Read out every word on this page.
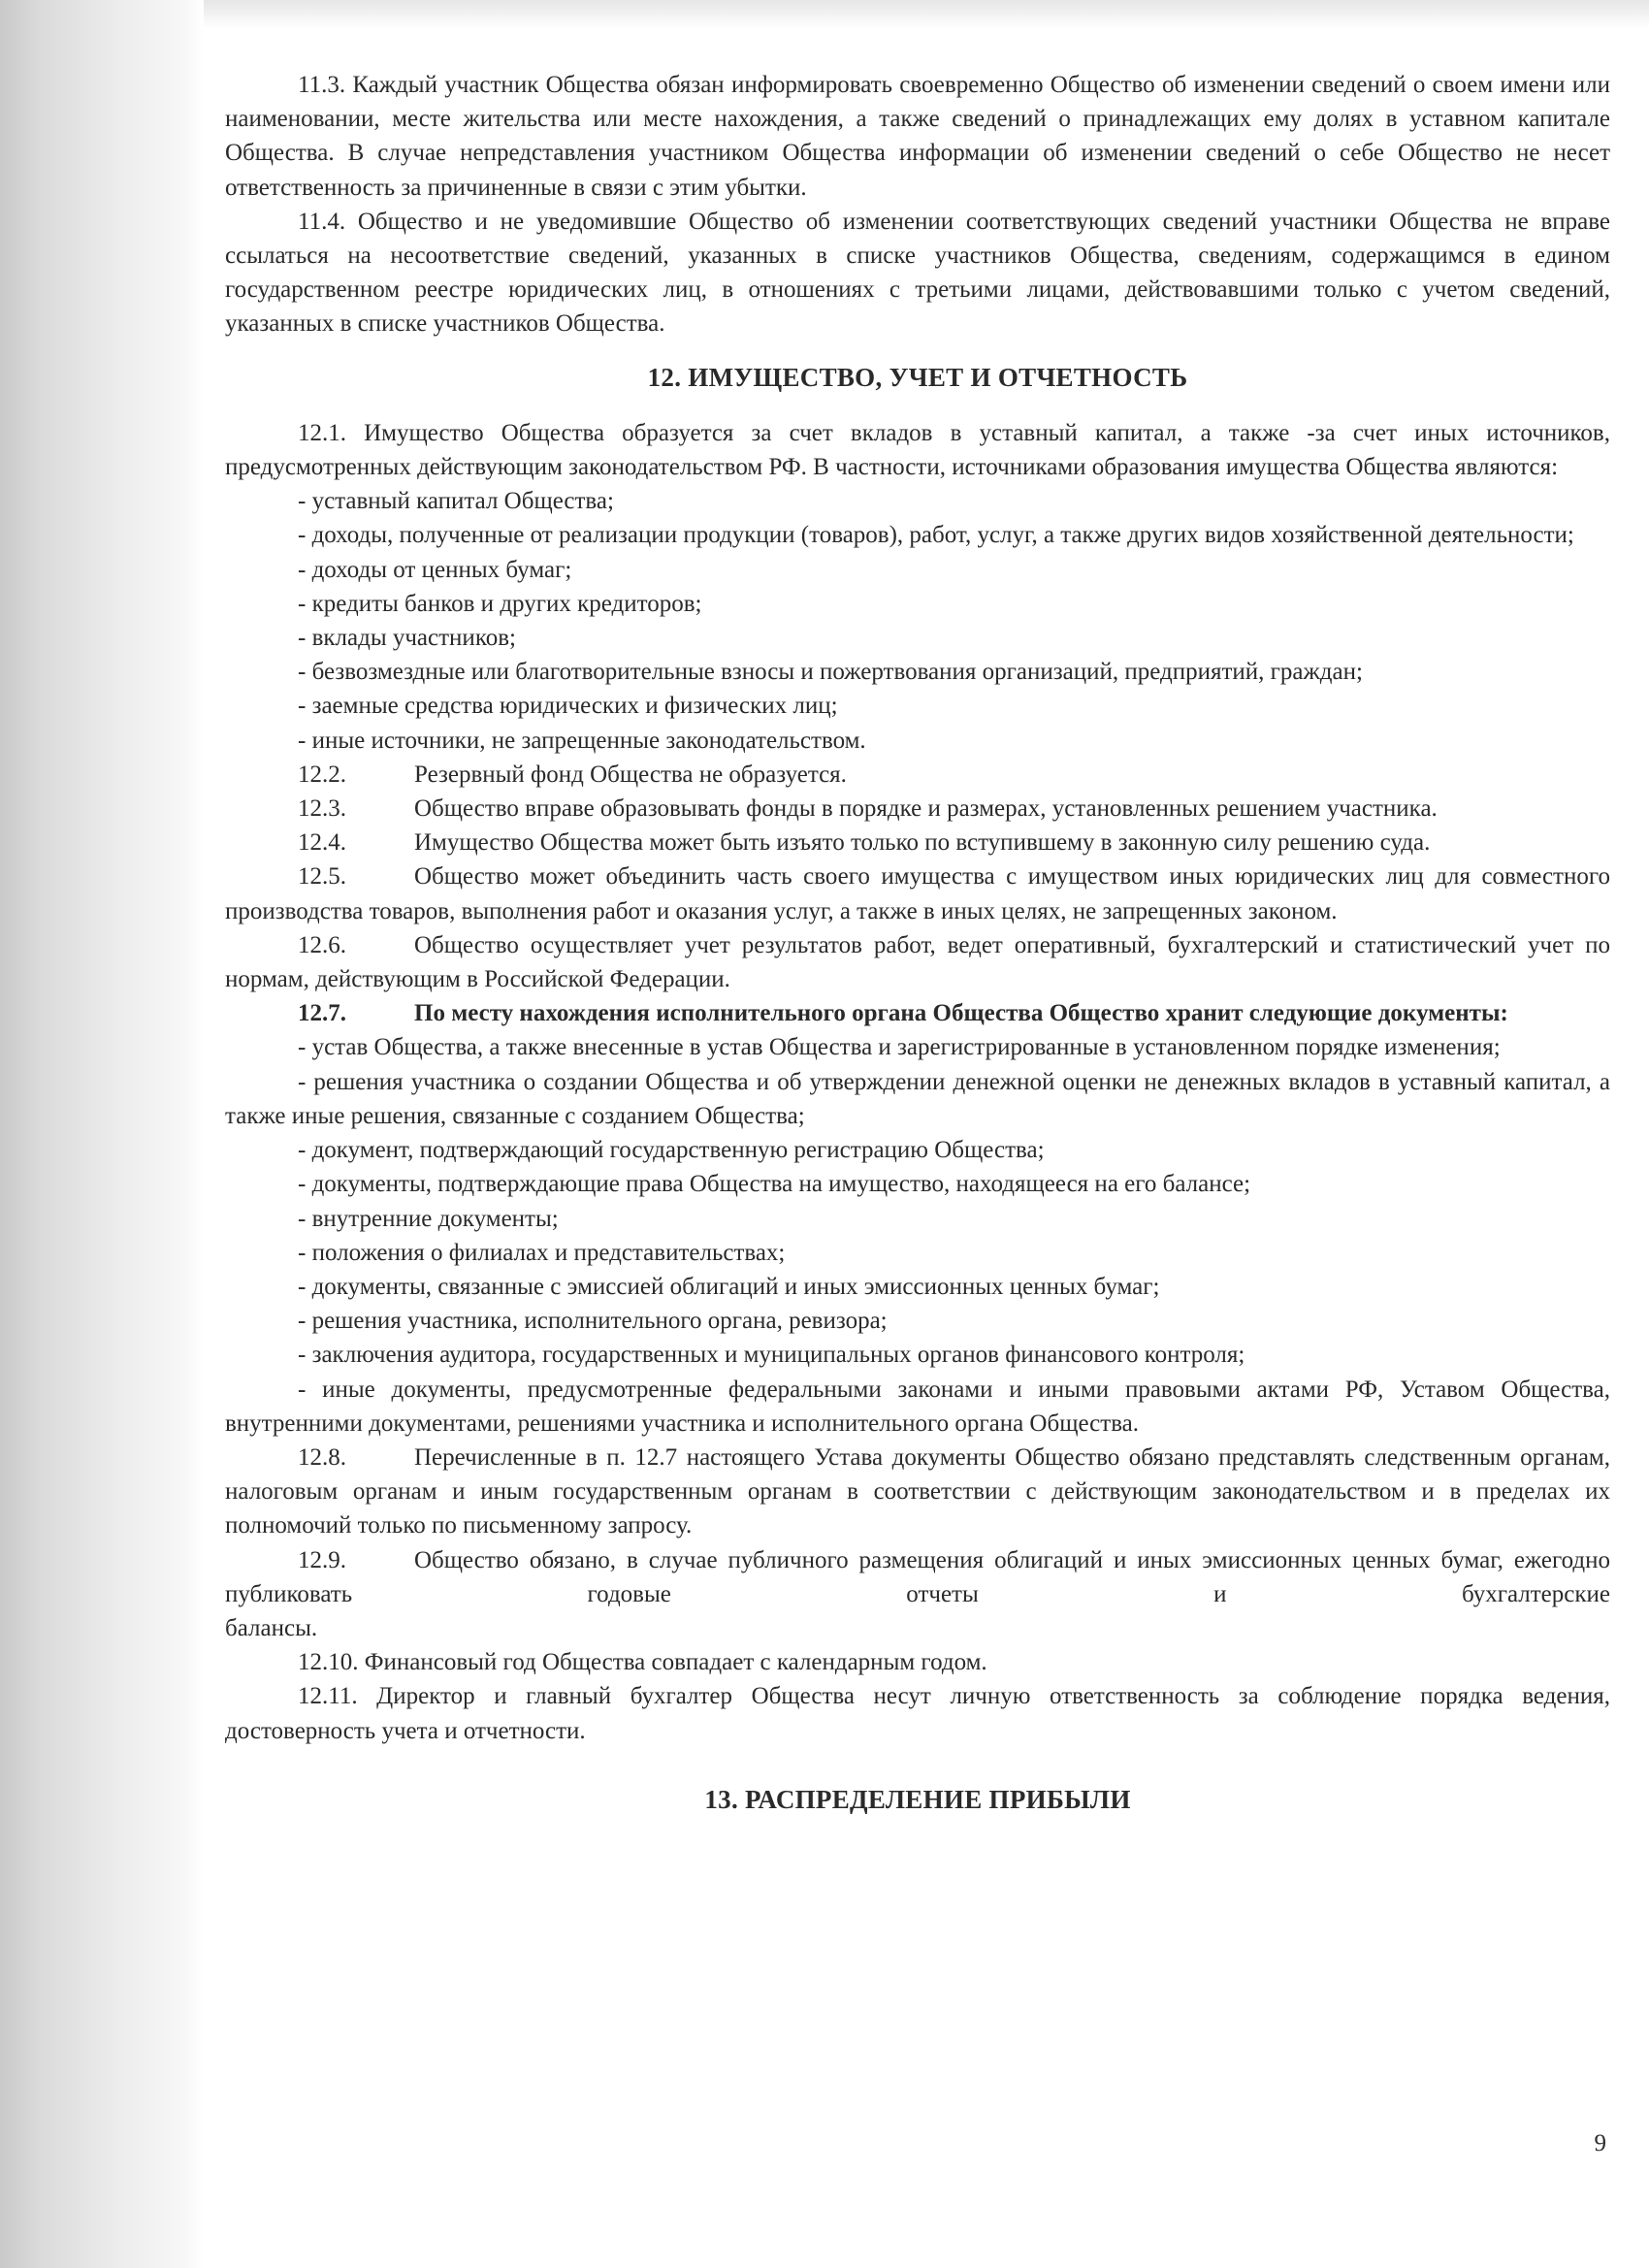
11.3. Каждый участник Общества обязан информировать своевременно Общество об изменении сведений о своем имени или наименовании, месте жительства или месте нахождения, а также сведений о принадлежащих ему долях в уставном капитале Общества. В случае непредставления участником Общества информации об изменении сведений о себе Общество не несет ответственность за причиненные в связи с этим убытки.

11.4. Общество и не уведомившие Общество об изменении соответствующих сведений участники Общества не вправе ссылаться на несоответствие сведений, указанных в списке участников Общества, сведениям, содержащимся в едином государственном реестре юридических лиц, в отношениях с третьими лицами, действовавшими только с учетом сведений, указанных в списке участников Общества.

12. ИМУЩЕСТВО, УЧЕТ И ОТЧЕТНОСТЬ

12.1. Имущество Общества образуется за счет вкладов в уставный капитал, а также -за счет иных источников, предусмотренных действующим законодательством РФ. В частности, источниками образования имущества Общества являются:

- уставный капитал Общества;

- доходы, полученные от реализации продукции (товаров), работ, услуг, а также других видов хозяйственной деятельности;

- доходы от ценных бумаг;

- кредиты банков и других кредиторов;

- вклады участников;

- безвозмездные или благотворительные взносы и пожертвования организаций, предприятий, граждан;

- заемные средства юридических и физических лиц;

- иные источники, не запрещенные законодательством.

12.2.	Резервный фонд Общества не образуется.

12.3.	Общество вправе образовывать фонды в порядке и размерах, установленных решением участника.

12.4.	Имущество Общества может быть изъято только по вступившему в законную силу решению суда.

12.5.	Общество может объединить часть своего имущества с имуществом иных юридических лиц для совместного производства товаров, выполнения работ и оказания услуг, а также в иных целях, не запрещенных законом.

12.6.	Общество осуществляет учет результатов работ, ведет оперативный, бухгалтерский и статистический учет по нормам, действующим в Российской Федерации.

12.7.	По месту нахождения исполнительного органа Общества Общество хранит следующие документы:

- устав Общества, а также внесенные в устав Общества и зарегистрированные в установленном порядке изменения;

- решения участника о создании Общества и об утверждении денежной оценки не денежных вкладов в уставный капитал, а также иные решения, связанные с созданием Общества;

- документ, подтверждающий государственную регистрацию Общества;

- документы, подтверждающие права Общества на имущество, находящееся на его балансе;

- внутренние документы;

- положения о филиалах и представительствах;

- документы, связанные с эмиссией облигаций и иных эмиссионных ценных бумаг;

- решения участника, исполнительного органа, ревизора;

- заключения аудитора, государственных и муниципальных органов финансового контроля;

- иные документы, предусмотренные федеральными законами и иными правовыми актами РФ, Уставом Общества, внутренними документами, решениями участника и исполнительного органа Общества.

12.8.	Перечисленные в п. 12.7 настоящего Устава документы Общество обязано представлять следственным органам, налоговым органам и иным государственным органам в соответствии с действующим законодательством и в пределах их полномочий только по письменному запросу.

12.9.	Общество обязано, в случае публичного размещения облигаций и иных эмиссионных ценных бумаг, ежегодно публиковать годовые отчеты и бухгалтерские

балансы.

12.10. Финансовый год Общества совпадает с календарным годом.

12.11. Директор и главный бухгалтер Общества несут личную ответственность за соблюдение порядка ведения, достоверность учета и отчетности.

13. РАСПРЕДЕЛЕНИЕ ПРИБЫЛИ

9
